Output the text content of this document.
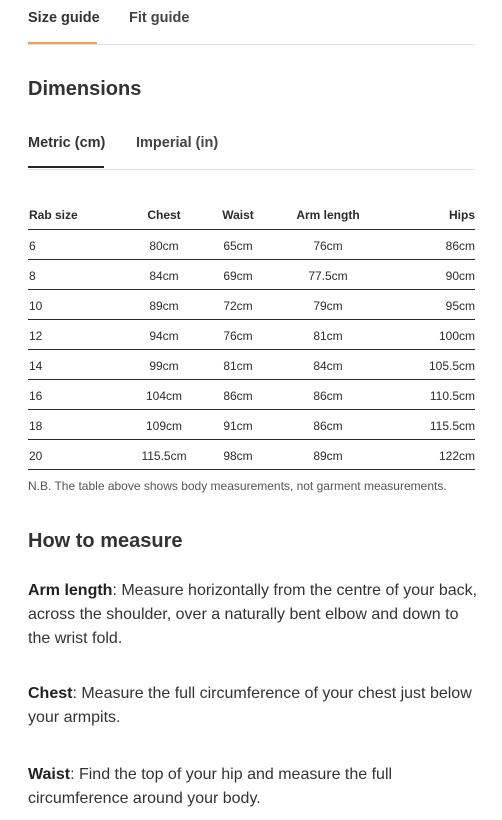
Size guide Fit guide
Dimensions
Metric (cm) Imperial (in)
Rab size	Chest	Waist	Arm length	Hips
6	80cm	65cm	76cm	86cm
8	84cm	69cm	77.5cm	90cm
10	89cm	72cm	79cm	95cm
12	94cm	76cm	81cm	100cm
14	99cm	81cm	84cm	105.5cm
16	104cm	86cm	86cm	110.5cm
18	109cm	91cm	86cm	115.5cm
20	115.5cm	98cm	89cm	122cm
N.B. The table above shows body measurements, not garment measurements.
How to measure

Arm length: Measure horizontally from the centre of your back, across the shoulder, over a naturally bent elbow and down to the wrist fold.

Chest: Measure the full circumference of your chest just below your armpits.

Waist: Find the top of your hip and measure the full circumference around your body.
